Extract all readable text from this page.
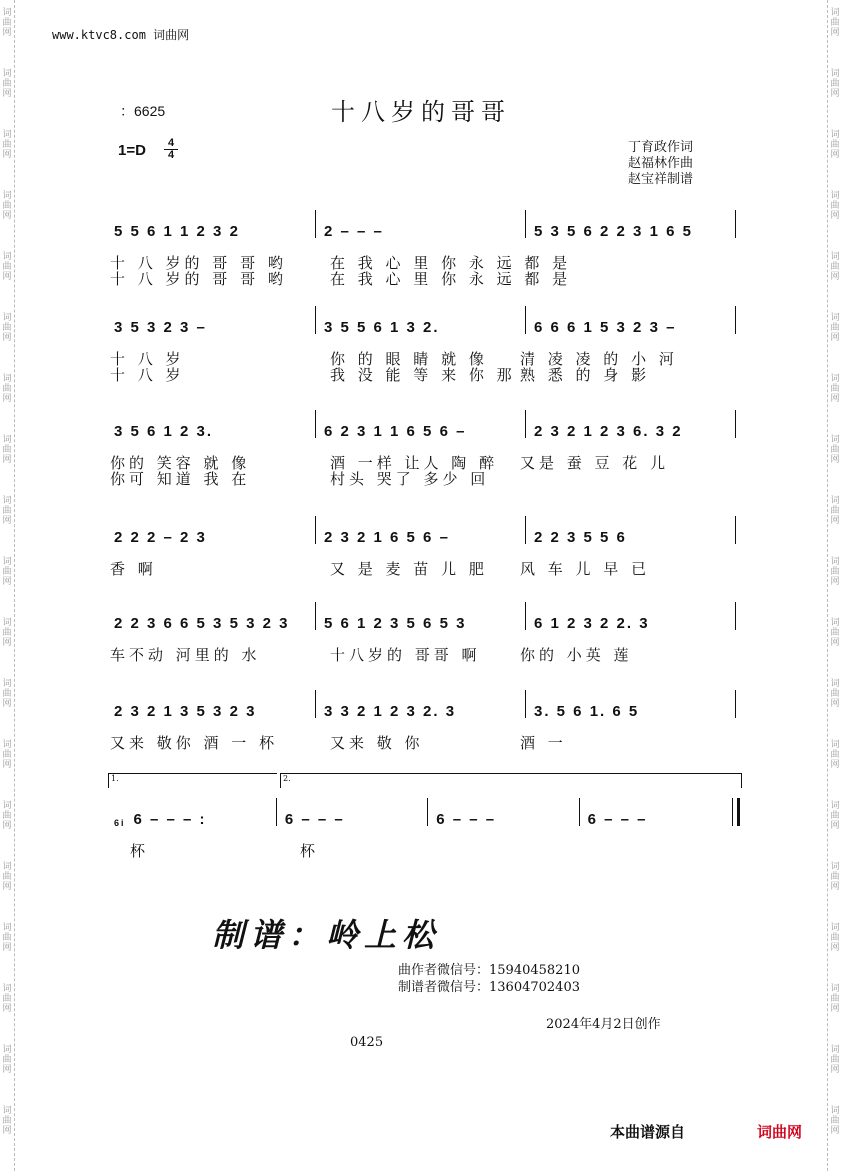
词
曲
网
词
曲
网
词
曲
网
词
曲
网
词
曲
网
词
曲
网
词
曲
网
词
曲
网
词
曲
网
词
曲
网
词
曲
网
词
曲
网
词
曲
网
词
曲
网
词
曲
网
词
曲
网
词
曲
网
词
曲
网
词
曲
网
词
曲
网
词
曲
网
词
曲
网
词
曲
网
词
曲
网
词
曲
网
词
曲
网
词
曲
网
词
曲
网
词
曲
网
词
曲
网
词
曲
网
词
曲
网
词
曲
网
词
曲
网
词
曲
网
词
曲
网
词
曲
网
词
曲
网
www.ktvc8.com 词曲网
十八岁的哥哥
：6625
1=D	4
4	丁育政作词
赵福林作曲
赵宝祥制谱
5 5 6 1 1 2 3 2	2 – – –	5 3 5 6 2 2 3 1 6 5
十 八 岁的 哥 哥 哟	在 我 心 里 你 永 远 都 是
十 八 岁的 哥 哥 哟	在 我 心 里 你 永 远 都 是
3 5 3 2 3 –	3 5 5 6 1 3 2.	6 6 6 1 5 3 2 3 –
十 八 岁	你 的 眼 睛 就 像 清 凌 凌 的 小 河
十 八 岁	我 没 能 等 来 你 那 熟 悉 的 身 影
3 5 6 1 2 3.	6 2 3 1 1 6 5 6 –	2 3 2 1 2 3 6. 3 2
你的 笑容 就 像	酒 一样 让人 陶 醉 又是 蚕 豆 花 儿
你可 知道 我 在	村头 哭了 多少 回
2 2 2 – 2 3	2 3 2 1 6 5 6 –	2 2 3 5 5 6
香 啊	又 是 麦 苗 儿 肥 风 车 儿 早 已
2 2 3 6 6 5 3 5 3 2 3	5 6 1 2 3 5 6 5 3	6 1 2 3 2 2. 3
车不动 河里的 水	十八岁的 哥哥 啊	你的 小英 莲
2 3 2 1 3 5 3 2 3	3 3 2 1 2 3 2. 3	3. 5 6 1. 6 5
又来 敬你 酒 一 杯	又来 敬 你	酒 一
6i 6 – – – :	6 – – –	6 – – –	6 – – –
杯	杯
1.	2.
制谱：岭上松
曲作者微信号：15940458210
制谱者微信号：13604702403
2024年4月2日创作
0425
本曲谱源自	词曲网
